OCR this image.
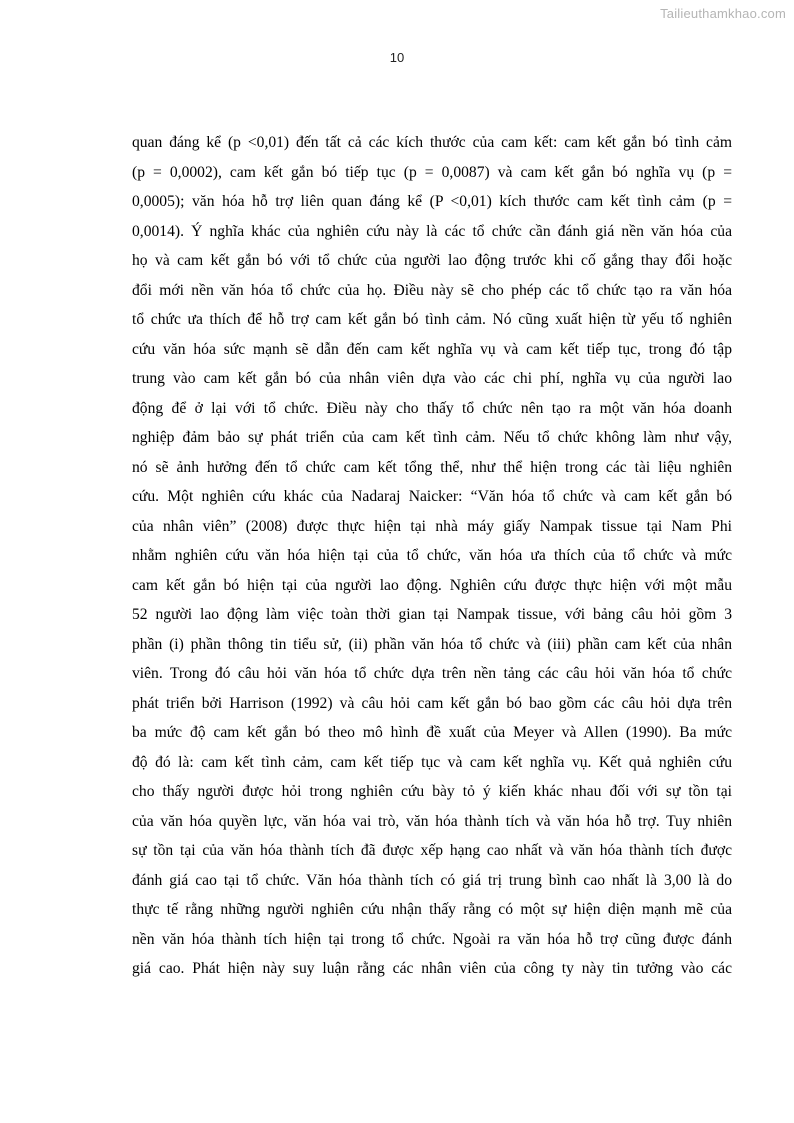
Tailieuthamkhao.com
10
quan đáng kể (p <0,01) đến tất cả các kích thước của cam kết: cam kết gắn bó tình cảm
(p = 0,0002), cam kết gắn bó tiếp tục (p = 0,0087) và cam kết gắn bó nghĩa vụ (p =
0,0005); văn hóa hỗ trợ liên quan đáng kể (P <0,01) kích thước cam kết tình cảm (p =
0,0014). Ý nghĩa khác của nghiên cứu này là các tổ chức cần đánh giá nền văn hóa của
họ và cam kết gắn bó với tổ chức của người lao động trước khi cố gắng thay đổi hoặc
đổi mới nền văn hóa tổ chức của họ. Điều này sẽ cho phép các tổ chức tạo ra văn hóa
tổ chức ưa thích để hỗ trợ cam kết gắn bó tình cảm. Nó cũng xuất hiện từ yếu tố nghiên
cứu văn hóa sức mạnh sẽ dẫn đến cam kết nghĩa vụ và cam kết tiếp tục, trong đó tập
trung vào cam kết gắn bó của nhân viên dựa vào các chi phí, nghĩa vụ của người lao
động để ở lại với tổ chức. Điều này cho thấy tổ chức nên tạo ra một văn hóa doanh
nghiệp đảm bảo sự phát triển của cam kết tình cảm. Nếu tổ chức không làm như vậy,
nó sẽ ảnh hưởng đến tổ chức cam kết tổng thể, như thể hiện trong các tài liệu nghiên
cứu. Một nghiên cứu khác của Nadaraj Naicker: “Văn hóa tổ chức và cam kết gắn bó
của nhân viên” (2008) được thực hiện tại nhà máy giấy Nampak tissue tại Nam Phi
nhằm nghiên cứu văn hóa hiện tại của tổ chức, văn hóa ưa thích của tổ chức và mức
cam kết gắn bó hiện tại của người lao động. Nghiên cứu được thực hiện với một mẫu
52 người lao động làm việc toàn thời gian tại Nampak tissue, với bảng câu hỏi gồm 3
phần (i) phần thông tin tiểu sử, (ii) phần văn hóa tổ chức và (iii) phần cam kết của nhân
viên. Trong đó câu hỏi văn hóa tổ chức dựa trên nền tảng các câu hỏi văn hóa tổ chức
phát triển bởi Harrison (1992) và câu hỏi cam kết gắn bó bao gồm các câu hỏi dựa trên
ba mức độ cam kết gắn bó theo mô hình đề xuất của Meyer và Allen (1990). Ba mức
độ đó là: cam kết tình cảm, cam kết tiếp tục và cam kết nghĩa vụ. Kết quả nghiên cứu
cho thấy người được hỏi trong nghiên cứu bày tỏ ý kiến khác nhau đối với sự tồn tại
của văn hóa quyền lực, văn hóa vai trò, văn hóa thành tích và văn hóa hỗ trợ. Tuy nhiên
sự tồn tại của văn hóa thành tích đã được xếp hạng cao nhất và văn hóa thành tích được
đánh giá cao tại tổ chức. Văn hóa thành tích có giá trị trung bình cao nhất là 3,00 là do
thực tế rằng những người nghiên cứu nhận thấy rằng có một sự hiện diện mạnh mẽ của
nền văn hóa thành tích hiện tại trong tổ chức. Ngoài ra văn hóa hỗ trợ cũng được đánh
giá cao. Phát hiện này suy luận rằng các nhân viên của công ty này tin tưởng vào các
